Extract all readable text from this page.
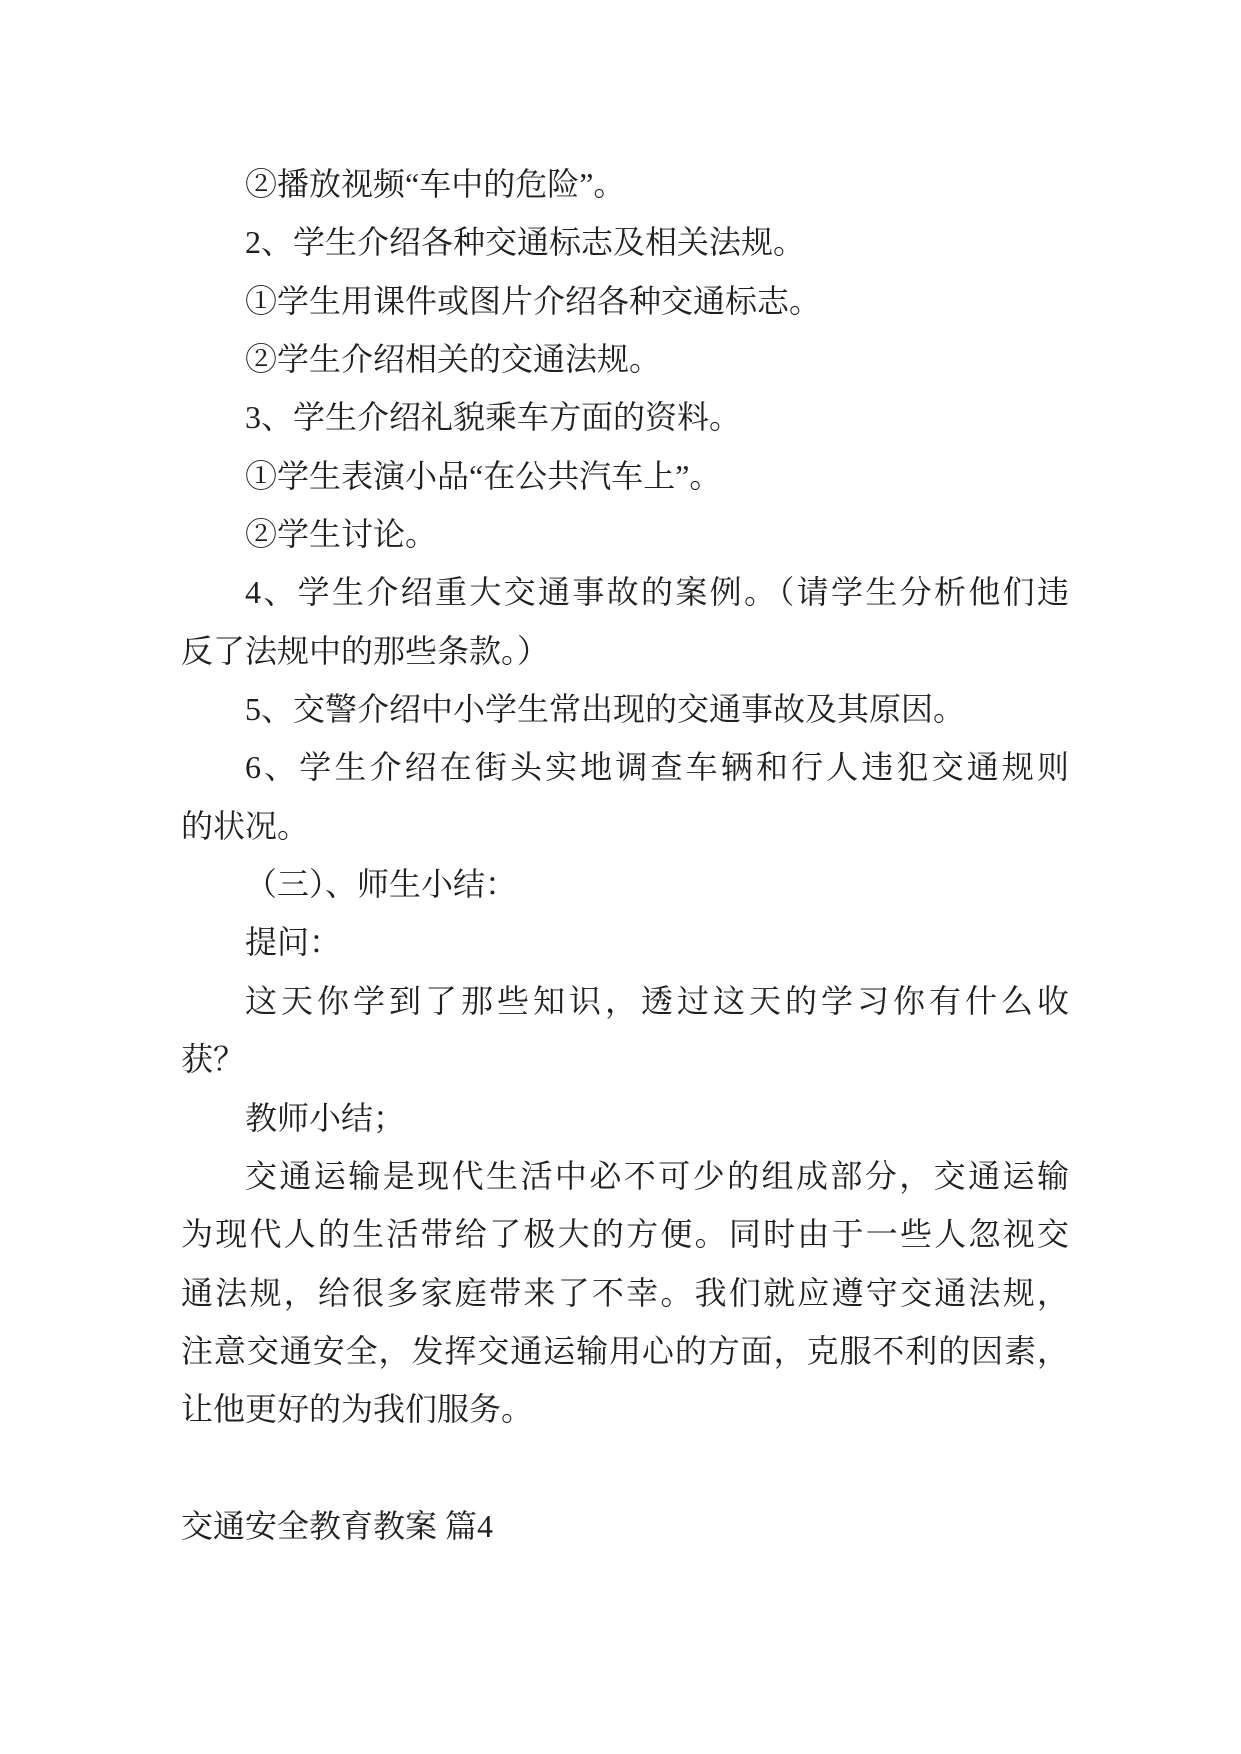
②播放视频“车中的危险”。
2、学生介绍各种交通标志及相关法规。
①学生用课件或图片介绍各种交通标志。
②学生介绍相关的交通法规。
3、学生介绍礼貌乘车方面的资料。
①学生表演小品“在公共汽车上”。
②学生讨论。
4、学生介绍重大交通事故的案例。（请学生分析他们违
反了法规中的那些条款。）
5、交警介绍中小学生常出现的交通事故及其原因。
6、学生介绍在街头实地调查车辆和行人违犯交通规则
的状况。
（三）、师生小结：
提问：
这天你学到了那些知识，透过这天的学习你有什么收
获？
教师小结；
交通运输是现代生活中必不可少的组成部分，交通运输
为现代人的生活带给了极大的方便。同时由于一些人忽视交
通法规，给很多家庭带来了不幸。我们就应遵守交通法规，
注意交通安全，发挥交通运输用心的方面，克服不利的因素，
让他更好的为我们服务。
交通安全教育教案 篇4
